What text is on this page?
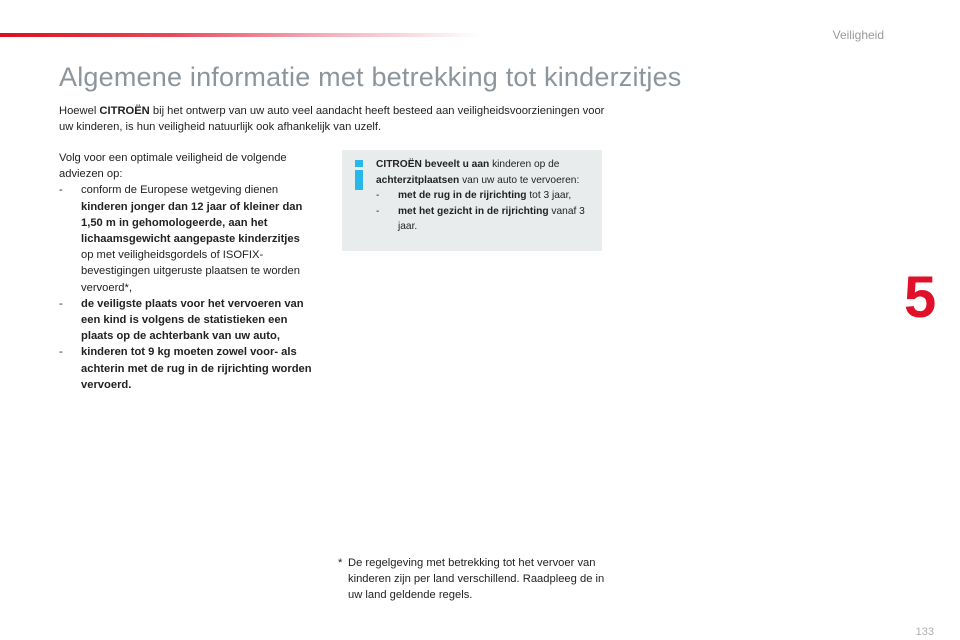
Veiligheid
Algemene informatie met betrekking tot kinderzitjes

Hoewel CITROËN bij het ontwerp van uw auto veel aandacht heeft besteed aan veiligheidsvoorzieningen voor uw kinderen, is hun veiligheid natuurlijk ook afhankelijk van uzelf.

Volg voor een optimale veiligheid de volgende adviezen op:

- conform de Europese wetgeving dienen kinderen jonger dan 12 jaar of kleiner dan 1,50 m in gehomologeerde, aan het lichaamsgewicht aangepaste kinderzitjes op met veiligheidsgordels of ISOFIX-bevestigingen uitgeruste plaatsen te worden vervoerd*,
- de veiligste plaats voor het vervoeren van een kind is volgens de statistieken een plaats op de achterbank van uw auto,
- kinderen tot 9 kg moeten zowel voor- als achterin met de rug in de rijrichting worden vervoerd.
CITROËN beveelt u aan kinderen op de achterzitplaatsen van uw auto te vervoeren:
- met de rug in de rijrichting tot 3 jaar,
- met het gezicht in de rijrichting vanaf 3 jaar.
* De regelgeving met betrekking tot het vervoer van kinderen zijn per land verschillend. Raadpleeg de in uw land geldende regels.
5
133
